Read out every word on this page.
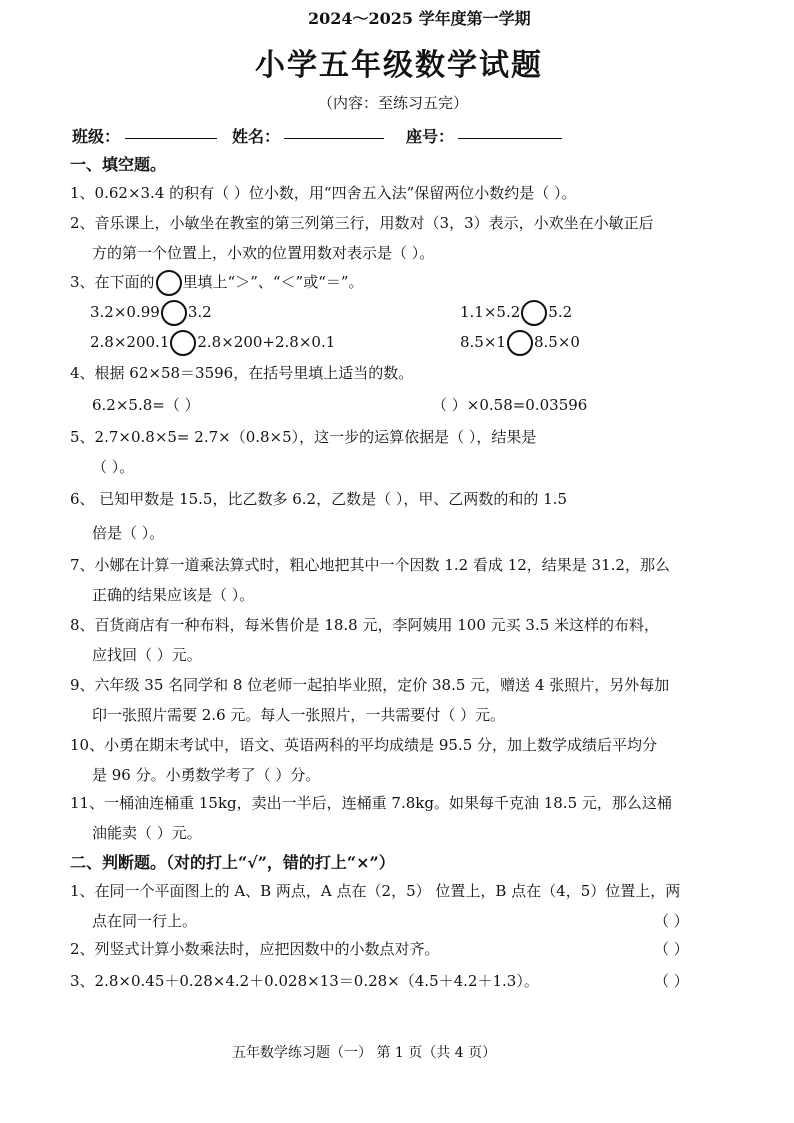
2024～2025 学年度第一学期
小学五年级数学试题
（内容：至练习五完）
班级：	姓名：	座号：
一、填空题。
1、0.62×3.4 的积有（ ）位小数，用“四舍五入法”保留两位小数约是（ ）。
2、音乐课上，小敏坐在教室的第三列第三行，用数对（3，3）表示，小欢坐在小敏正后
方的第一个位置上，小欢的位置用数对表示是（ ）。
3、在下面的 里填上“＞”、“＜”或“＝”。
3.2×0.99 3.2	1.1×5.2 5.2
2.8×200.1 2.8×200+2.8×0.1	8.5×1 8.5×0
4、根据 62×58＝3596，在括号里填上适当的数。
6.2×5.8=（ ）	（ ）×0.58=0.03596
5、2.7×0.8×5= 2.7×（0.8×5），这一步的运算依据是（ ），结果是
（ ）。
6、 已知甲数是 15.5，比乙数多 6.2，乙数是（ ），甲、乙两数的和的 1.5
倍是（ ）。
7、小娜在计算一道乘法算式时，粗心地把其中一个因数 1.2 看成 12，结果是 31.2，那么
正确的结果应该是（ ）。
8、百货商店有一种布料，每米售价是 18.8 元，李阿姨用 100 元买 3.5 米这样的布料，
应找回（ ）元。
9、六年级 35 名同学和 8 位老师一起拍毕业照，定价 38.5 元，赠送 4 张照片，另外每加
印一张照片需要 2.6 元。每人一张照片，一共需要付（ ）元。
10、小勇在期末考试中，语文、英语两科的平均成绩是 95.5 分，加上数学成绩后平均分
是 96 分。小勇数学考了（ ）分。
11、一桶油连桶重 15kg，卖出一半后，连桶重 7.8kg。如果每千克油 18.5 元，那么这桶
油能卖（ ）元。
二、判断题。（对的打上“√”，错的打上“×”）
1、在同一个平面图上的 A、B 两点，A 点在（2，5） 位置上，B 点在（4，5）位置上，两
点在同一行上。	（ ）
2、列竖式计算小数乘法时，应把因数中的小数点对齐。	（ ）
3、2.8×0.45＋0.28×4.2＋0.028×13＝0.28×（4.5＋4.2＋1.3）。	（ ）
五年数学练习题（一） 第 1 页（共 4 页）
